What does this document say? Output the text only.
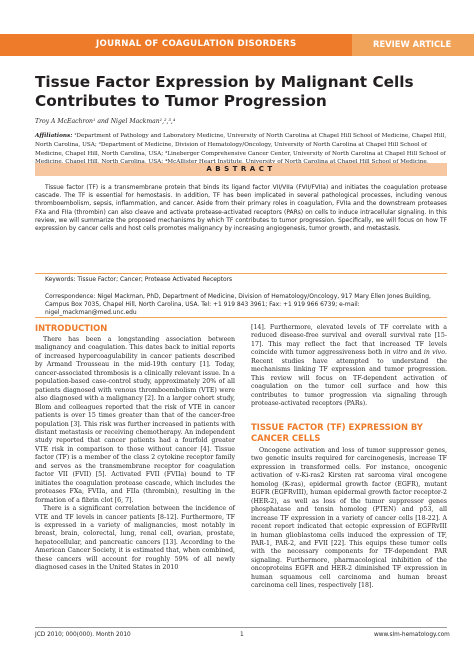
JOURNAL OF COAGULATION DISORDERS	REVIEW ARTICLE
Tissue Factor Expression by Malignant Cells Contributes to Tumor Progression
Troy A McEachron¹ and Nigel Mackman¹,²,³,⁴
Affiliations: ¹Department of Pathology and Laboratory Medicine, University of North Carolina at Chapel Hill School of Medicine, Chapel Hill, North Carolina, USA; ²Department of Medicine, Division of Hematology/Oncology, University of North Carolina at Chapel Hill School of Medicine, Chapel Hill, North Carolina, USA; ³Lineberger Comprehensive Cancer Center, University of North Carolina at Chapel Hill School of
ABSTRACT

Tissue factor (TF) is a transmembrane protein that binds its ligand factor VII/VIIa (FVII/FVIIa) and initiates the coagulation protease cascade. The TF is essential for hemostasis. In addition, TF has been implicated in several pathological processes, including venous thromboembolism, sepsis, inflammation, and cancer. Aside from their primary roles in coagulation, FVIIa and the downstream proteases FXa and FIIa (thrombin) can also cleave and activate protease-activated receptors (PARs) on cells to induce intracellular signaling. In this review, we will summarize the proposed mechanisms by which TF contributes to tumor progression. Specifically, we will focus on how TF expression by cancer cells and host cells promotes malignancy by increasing angiogenesis, tumor growth, and metastasis.

Keywords: Tissue Factor; Cancer; Protease Activated Receptors

Correspondence: Nigel Mackman, PhD, Department of Medicine, Division of Hematology/Oncology, 917 Mary Ellen Jones Building, Campus Box 7035, Chapel Hill, North Carolina, USA. Tel: +1 919 843 3961; Fax: +1 919 966 6739; e-mail: nigel_mackman@med.unc.edu

INTRODUCTION

There has been a longstanding association between malignancy and coagulation. This dates back to initial reports of increased hypercoagulability in cancer patients described by Armand Trousseau in the mid-19th century [1]. Today, cancer-associated thrombosis is a clinically relevant issue. In a population-based case-control study, approximately 20% of all patients diagnosed with venous thromboembolism (VTE) were also diagnosed with a malignancy [2]. In a larger cohort study, Blom and colleagues reported that the risk of VTE in cancer patients is over 15 times greater than that of the cancer-free population [3]. This risk was further increased in patients with distant metastasis or receiving chemotherapy. An independent study reported that cancer patients had a fourfold greater VTE risk in comparison to those without cancer [4]. Tissue factor (TF) is a member of the class 2 cytokine receptor family and serves as the transmembrane receptor for coagulation factor VII (FVII) [5]. Activated FVII (FVIIa) bound to TF initiates the coagulation protease cascade, which includes the proteases FXa, FVIIa, and FIIa (thrombin), resulting in the formation of a fibrin clot [6, 7].

There is a significant correlation between the incidence of VTE and TF levels in cancer patients [8-12]. Furthermore, TF is expressed in a variety of malignancies, most notably in breast, brain, colorectal, lung, renal cell, ovarian, prostate, hepatocellular, and pancreatic cancers [13]. According to the American Cancer Society, it is estimated that, when combined, these cancers will account for roughly 59% of all newly diagnosed cases in the United States in 2010

[14]. Furthermore, elevated levels of TF correlate with a reduced disease-free survival and overall survival rate [15-17]. This may reflect the fact that increased TF levels coincide with tumor aggressiveness both in vitro and in vivo. Recent studies have attempted to understand the mechanisms linking TF expression and tumor progression. This review will focus on TF-dependent activation of coagulation on the tumor cell surface and how this contributes to tumor progression via signaling through protease-activated receptors (PARs).

TISSUE FACTOR (TF) EXPRESSION BY CANCER CELLS

Oncogene activation and loss of tumor suppressor genes, two genetic insults required for carcinogenesis, increase TF expression in transformed cells. For instance, oncogenic activation of v-Ki-ras2 Kirsten rat sarcoma viral oncogene homolog (K-ras), epidermal growth factor (EGFR), mutant EGFR (EGFRvIII), human epidermal growth factor receptor-2 (HER-2), as well as loss of the tumor suppressor genes phosphatase and tensin homolog (PTEN) and p53, all increase TF expression in a variety of cancer cells [18-22]. A recent report indicated that ectopic expression of EGFRvIII in human glioblastoma cells induced the expression of TF, PAR-1, PAR-2, and FVII [22]. This equips these tumor cells with the necessary components for TF-dependent PAR signaling. Furthermore, pharmacological inhibition of the oncoproteins EGFR and HER-2 diminished TF expression in human squamous cell carcinoma and human breast carcinoma cell lines, respectively [18].

JCD 2010; 000(000). Month 2010	1	www.slm-hematology.com
